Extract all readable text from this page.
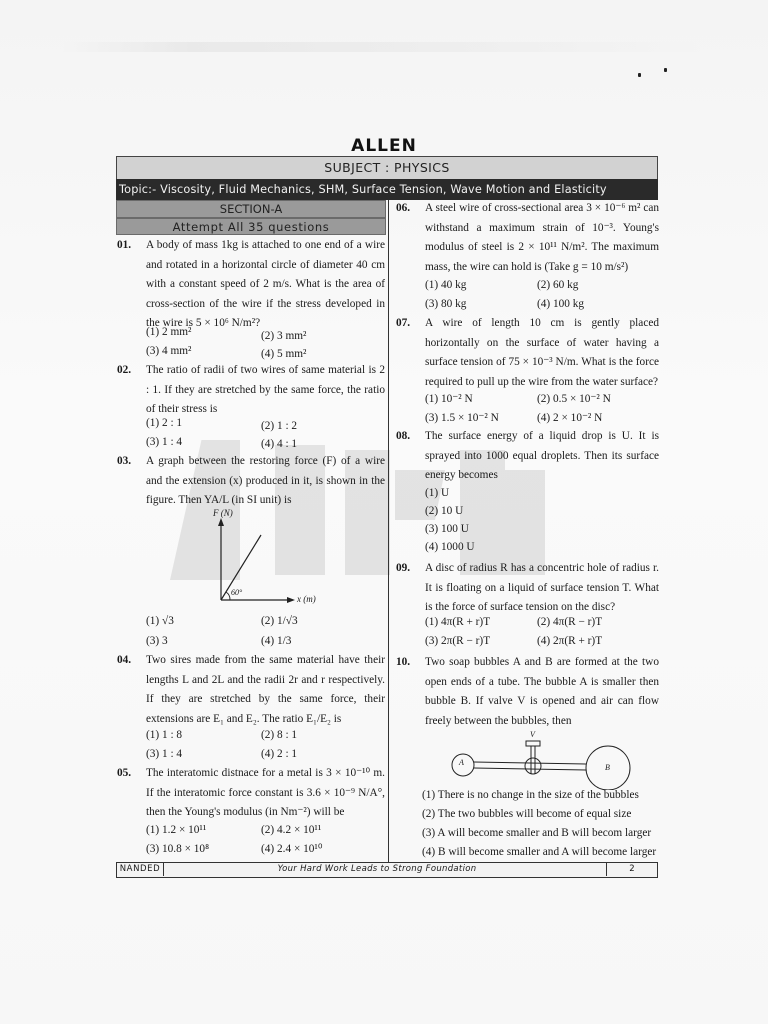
ALLEN
SUBJECT : PHYSICS
Topic:- Viscosity, Fluid Mechanics, SHM, Surface Tension, Wave Motion and Elasticity
SECTION-A
Attempt All 35 questions
01. A body of mass 1kg is attached to one end of a wire and rotated in a horizontal circle of diameter 40 cm with a constant speed of 2 m/s. What is the area of cross-section of the wire if the stress developed in the wire is 5 × 10⁶ N/m²?
(1) 2 mm²	(2) 3 mm²
(3) 4 mm²	(4) 5 mm²
02. The ratio of radii of two wires of same material is 2 : 1. If they are stretched by the same force, the ratio of their stress is
(1) 2 : 1	(2) 1 : 2
(3) 1 : 4	(4) 4 : 1
03. A graph between the restoring force (F) of a wire and the extension (x) produced in it, is shown in the figure. Then YA/L (in SI unit) is
F (N)
x (m)
60°
(1) √3	(2) 1/√3
(3) 3	(4) 1/3
04. Two sires made from the same material have their lengths L and 2L and the radii 2r and r respectively. If they are stretched by the same force, their extensions are E₁ and E₂. The ratio E₁/E₂ is
(1) 1 : 8	(2) 8 : 1
(3) 1 : 4	(4) 2 : 1
05. The interatomic distnace for a metal is 3 × 10⁻¹⁰ m. If the interatomic force constant is 3.6 × 10⁻⁹ N/A°, then the Young's modulus (in Nm⁻²) will be
(1) 1.2 × 10¹¹	(2) 4.2 × 10¹¹
(3) 10.8 × 10⁸	(4) 2.4 × 10¹⁰
06. A steel wire of cross-sectional area 3 × 10⁻⁶ m² can withstand a maximum strain of 10⁻³. Young's modulus of steel is 2 × 10¹¹ N/m². The maximum mass, the wire can hold is (Take g = 10 m/s²)
(1) 40 kg	(2) 60 kg
(3) 80 kg	(4) 100 kg
07. A wire of length 10 cm is gently placed horizontally on the surface of water having a surface tension of 75 × 10⁻³ N/m. What is the force required to pull up the wire from the water surface?
(1) 10⁻² N	(2) 0.5 × 10⁻² N
(3) 1.5 × 10⁻² N	(4) 2 × 10⁻² N
08. The surface energy of a liquid drop is U. It is sprayed into 1000 equal droplets. Then its surface energy becomes
(1) U
(2) 10 U
(3) 100 U
(4) 1000 U
09. A disc of radius R has a concentric hole of radius r. It is floating on a liquid of surface tension T. What is the force of surface tension on the disc?
(1) 4π(R + r)T	(2) 4π(R − r)T
(3) 2π(R − r)T	(4) 2π(R + r)T
10. Two soap bubbles A and B are formed at the two open ends of a tube. The bubble A is smaller then bubble B. If valve V is opened and air can flow freely between the bubbles, then
A
B
V
(1) There is no change in the size of the bubbles
(2) The two bubbles will become of equal size
(3) A will become smaller and B will becom larger
(4) B will become smaller and A will become larger
NANDED	Your Hard Work Leads to Strong Foundation	2
